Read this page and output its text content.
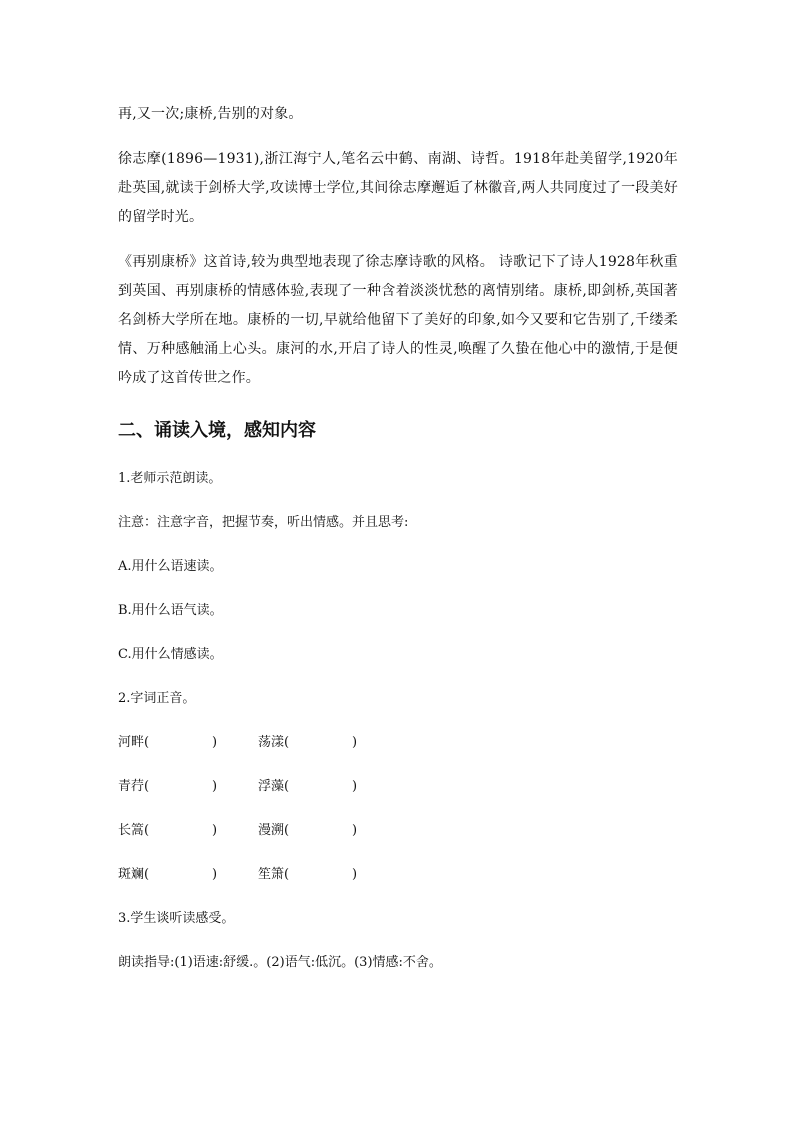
再,又一次;康桥,告别的对象。

徐志摩(1896—1931),浙江海宁人,笔名云中鹤、南湖、诗哲。1918年赴美留学,1920年赴英国,就读于剑桥大学,攻读博士学位,其间徐志摩邂逅了林徽音,两人共同度过了一段美好的留学时光。

《再别康桥》这首诗,较为典型地表现了徐志摩诗歌的风格。 诗歌记下了诗人1928年秋重到英国、再别康桥的情感体验,表现了一种含着淡淡忧愁的离情别绪。康桥,即剑桥,英国著名剑桥大学所在地。康桥的一切,早就给他留下了美好的印象,如今又要和它告别了,千缕柔情、万种感触涌上心头。康河的水,开启了诗人的性灵,唤醒了久蛰在他心中的激情,于是便吟成了这首传世之作。

二、诵读入境，感知内容

1.老师示范朗读。

注意：注意字音，把握节奏，听出情感。并且思考:

A.用什么语速读。

B.用什么语气读。

C.用什么情感读。

2.字词正音。

河畔(	)	荡漾(	)
青荇(	)	浮藻(	)
长篙(	)	漫溯(	)
斑斓(	)	笙箫(	)

3.学生谈听读感受。

朗读指导:(1)语速:舒缓.。(2)语气:低沉。(3)情感:不舍。
